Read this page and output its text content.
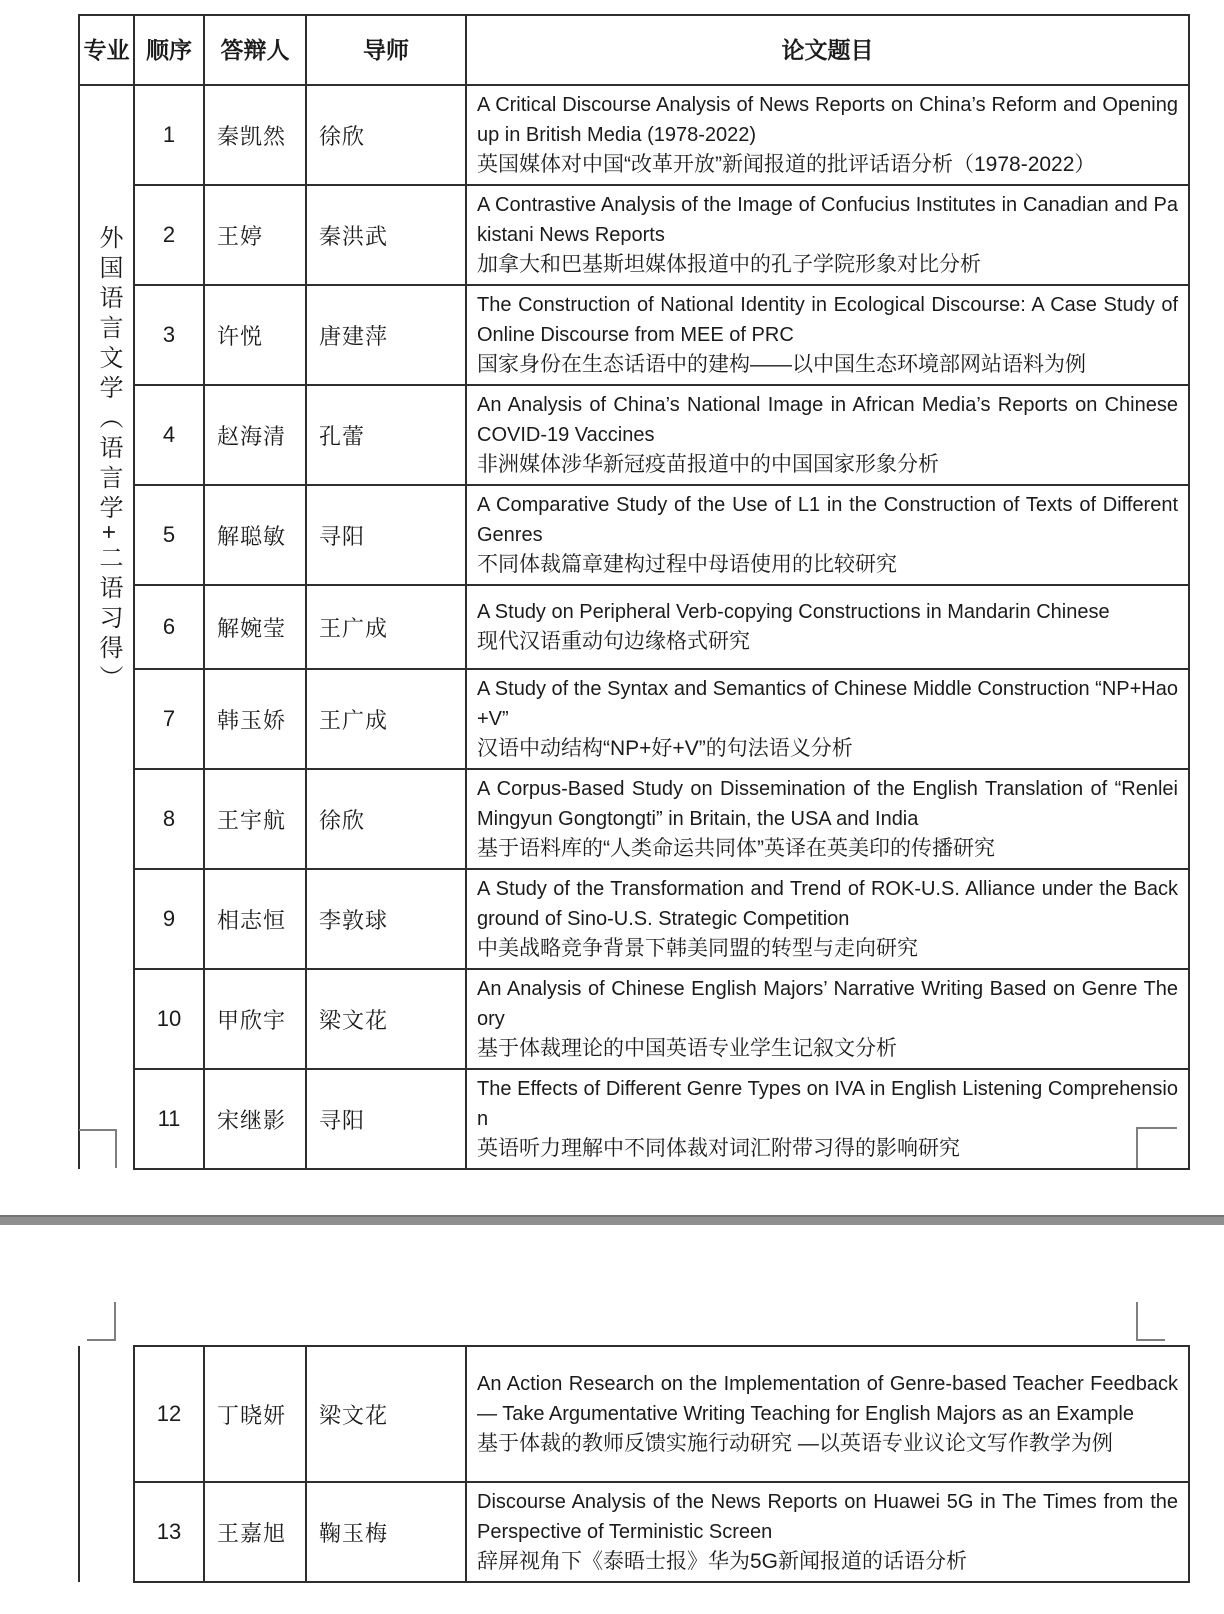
专业	顺序	答辩人	导师	论文题目
外国语言文学（语言学+二语习得）	1	秦凯然	徐欣	A Critical Discourse Analysis of News Reports on China’s Reform and Opening up in British Media (1978-2022)
英国媒体对中国“改革开放”新闻报道的批评话语分析（1978-2022）

	2	王婷	秦洪武	A Contrastive Analysis of the Image of Confucius Institutes in Canadian and Pakistani News Reports
加拿大和巴基斯坦媒体报道中的孔子学院形象对比分析

	3	许悦	唐建萍	The Construction of National Identity in Ecological Discourse: A Case Study of Online Discourse from MEE of PRC
国家身份在生态话语中的建构——以中国生态环境部网站语料为例

	4	赵海清	孔蕾	An Analysis of China’s National Image in African Media’s Reports on Chinese COVID-19 Vaccines
非洲媒体涉华新冠疫苗报道中的中国国家形象分析

	5	解聪敏	寻阳	A Comparative Study of the Use of L1 in the Construction of Texts of Different Genres
不同体裁篇章建构过程中母语使用的比较研究

	6	解婉莹	王广成	A Study on Peripheral Verb-copying Constructions in Mandarin Chinese
现代汉语重动句边缘格式研究

	7	韩玉娇	王广成	A Study of the Syntax and Semantics of Chinese Middle Construction “NP+Hao+V”
汉语中动结构“NP+好+V”的句法语义分析

	8	王宇航	徐欣	A Corpus-Based Study on Dissemination of the English Translation of “Renlei Mingyun Gongtongti” in Britain, the USA and India
基于语料库的“人类命运共同体”英译在英美印的传播研究

	9	相志恒	李敦球	A Study of the Transformation and Trend of ROK-U.S. Alliance under the Background of Sino-U.S. Strategic Competition
中美战略竞争背景下韩美同盟的转型与走向研究

	10	甲欣宇	梁文花	An Analysis of Chinese English Majors’ Narrative Writing Based on Genre Theory
基于体裁理论的中国英语专业学生记叙文分析

	11	宋继影	寻阳	The Effects of Different Genre Types on IVA in English Listening Comprehension
英语听力理解中不同体裁对词汇附带习得的影响研究
	12	丁晓妍	梁文花	An Action Research on the Implementation of Genre-based Teacher Feedback — Take Argumentative Writing Teaching for English Majors as an Example
基于体裁的教师反馈实施行动研究 —以英语专业议论文写作教学为例

	13	王嘉旭	鞠玉梅	Discourse Analysis of the News Reports on Huawei 5G in The Times from the Perspective of Terministic Screen
辞屏视角下《泰晤士报》华为5G新闻报道的话语分析
